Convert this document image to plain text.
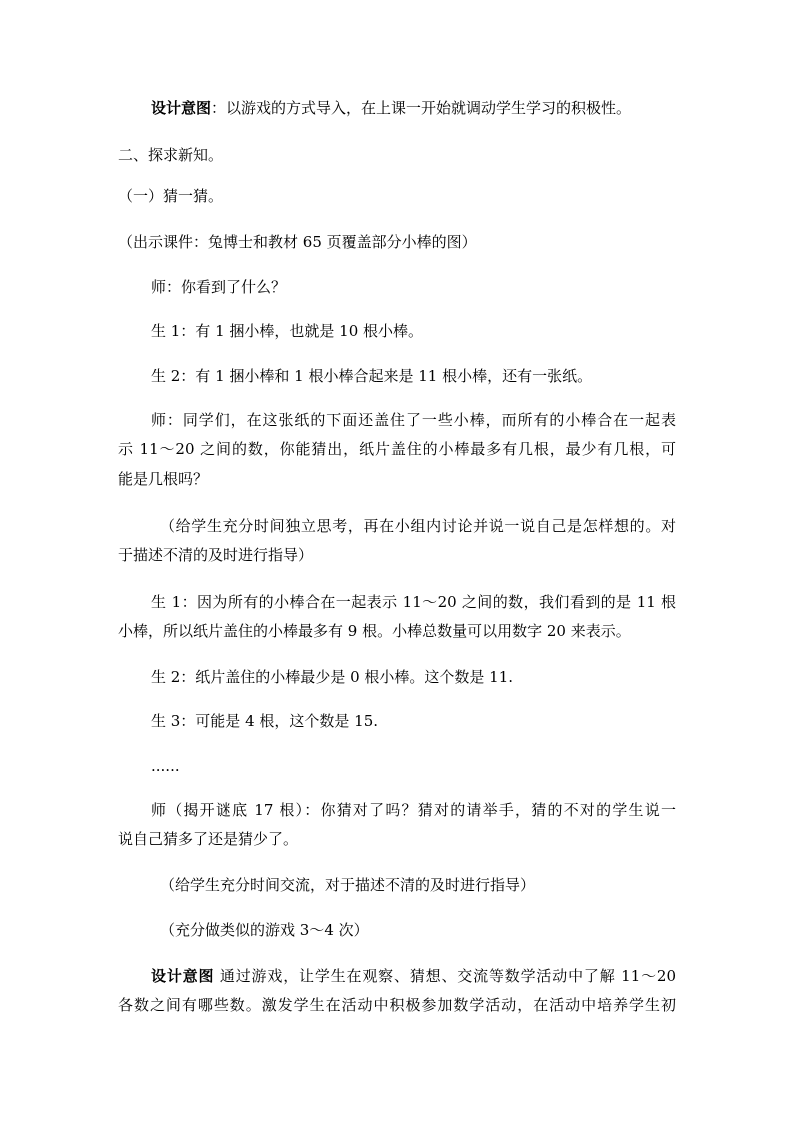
设计意图：以游戏的方式导入，在上课一开始就调动学生学习的积极性。
二、探求新知。
（一）猜一猜。
（出示课件：兔博士和教材 65 页覆盖部分小棒的图）
师：你看到了什么？
生 1：有 1 捆小棒，也就是 10 根小棒。
生 2：有 1 捆小棒和 1 根小棒合起来是 11 根小棒，还有一张纸。
师：同学们，在这张纸的下面还盖住了一些小棒，而所有的小棒合在一起表
示 11～20 之间的数，你能猜出，纸片盖住的小棒最多有几根，最少有几根，可
能是几根吗？
（给学生充分时间独立思考，再在小组内讨论并说一说自己是怎样想的。对
于描述不清的及时进行指导）
生 1：因为所有的小棒合在一起表示 11～20 之间的数，我们看到的是 11 根
小棒，所以纸片盖住的小棒最多有 9 根。小棒总数量可以用数字 20 来表示。
生 2：纸片盖住的小棒最少是 0 根小棒。这个数是 11.
生 3：可能是 4 根，这个数是 15.
......
师（揭开谜底 17 根）：你猜对了吗？猜对的请举手，猜的不对的学生说一
说自己猜多了还是猜少了。
（给学生充分时间交流，对于描述不清的及时进行指导）
（充分做类似的游戏 3～4 次）
设计意图 通过游戏，让学生在观察、猜想、交流等数学活动中了解 11～20
各数之间有哪些数。激发学生在活动中积极参加数学活动，在活动中培养学生初
